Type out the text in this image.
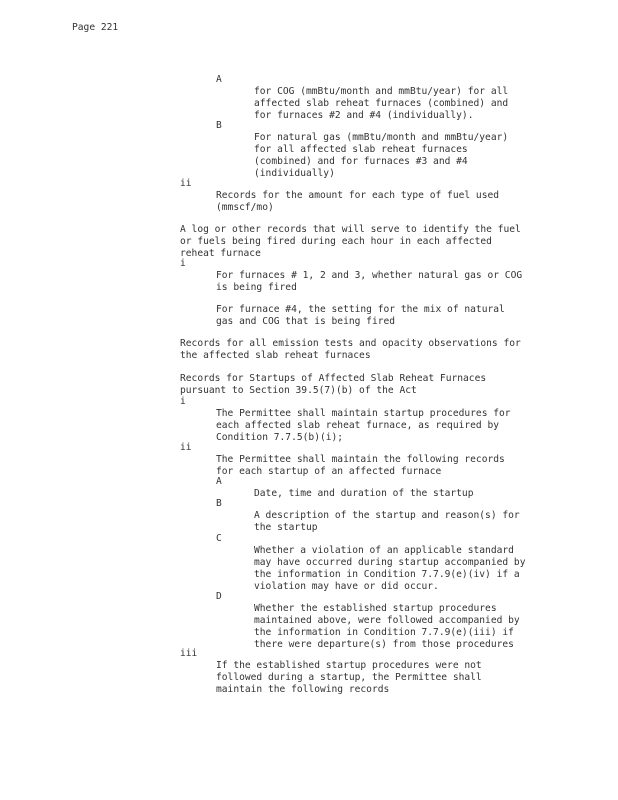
Page 221
A

for COG (mmBtu/month and mmBtu/year) for all
affected slab reheat furnaces (combined) and
for furnaces #2 and #4 (individually).

B

For natural gas (mmBtu/month and mmBtu/year)
for all affected slab reheat furnaces
(combined) and for furnaces #3 and #4
(individually)

ii

Records for the amount for each type of fuel used
(mmscf/mo)

A log or other records that will serve to identify the fuel
or fuels being fired during each hour in each affected
reheat furnace

i

For furnaces # 1, 2 and 3, whether natural gas or COG
is being fired

For furnace #4, the setting for the mix of natural
gas and COG that is being fired

Records for all emission tests and opacity observations for
the affected slab reheat furnaces

Records for Startups of Affected Slab Reheat Furnaces
pursuant to Section 39.5(7)(b) of the Act

i

The Permittee shall maintain startup procedures for
each affected slab reheat furnace, as required by
Condition 7.7.5(b)(i);

ii

The Permittee shall maintain the following records
for each startup of an affected furnace

A

Date, time and duration of the startup

B

A description of the startup and reason(s) for
the startup

C

Whether a violation of an applicable standard
may have occurred during startup accompanied by
the information in Condition 7.7.9(e)(iv) if a
violation may have or did occur.

D

Whether the established startup procedures
maintained above, were followed accompanied by
the information in Condition 7.7.9(e)(iii) if
there were departure(s) from those procedures

iii

If the established startup procedures were not
followed during a startup, the Permittee shall
maintain the following records
